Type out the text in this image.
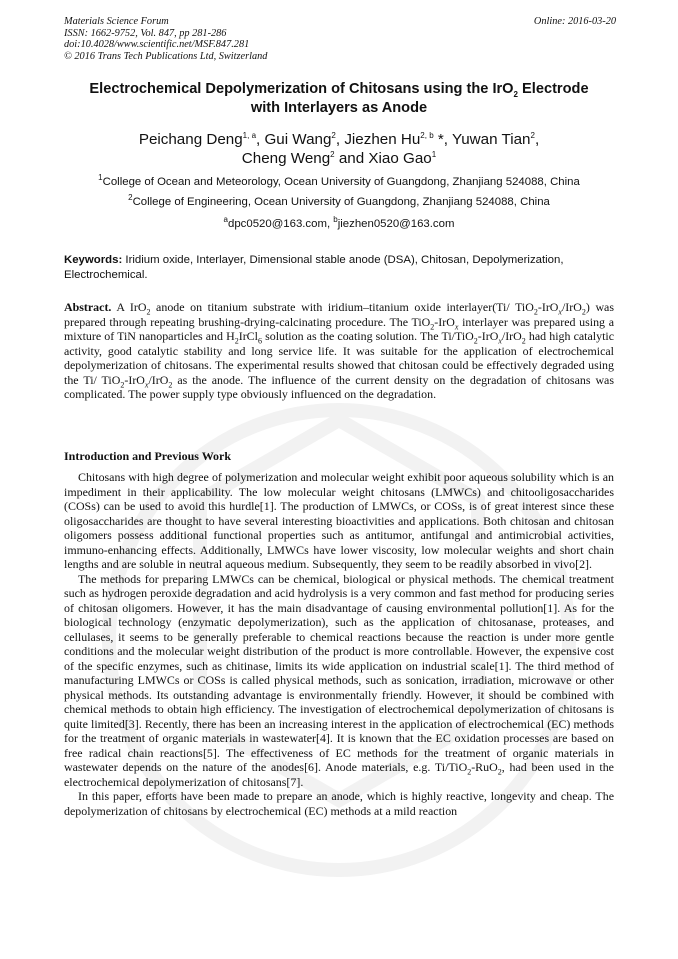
Materials Science Forum
ISSN: 1662-9752, Vol. 847, pp 281-286
doi:10.4028/www.scientific.net/MSF.847.281
© 2016 Trans Tech Publications Ltd, Switzerland
Online: 2016-03-20
Electrochemical Depolymerization of Chitosans using the IrO$_2$ Electrode
with Interlayers as Anode
Peichang Deng$^{1, a}$, Gui Wang$^2$, Jiezhen Hu$^{2, b}$ *, Yuwan Tian$^2$,
Cheng Weng$^2$ and Xiao Gao$^1$
$^1$College of Ocean and Meteorology, Ocean University of Guangdong, Zhanjiang 524088, China
$^2$College of Engineering, Ocean University of Guangdong, Zhanjiang 524088, China
$^a$dpc0520@163.com, $^b$jiezhen0520@163.com
Keywords: Iridium oxide, Interlayer, Dimensional stable anode (DSA), Chitosan, Depolymerization, Electrochemical.

Abstract. A IrO$_2$ anode on titanium substrate with iridium–titanium oxide interlayer(Ti/ TiO$_2$-IrO$_x$/IrO$_2$) was prepared through repeating brushing-drying-calcinating procedure. The TiO$_2$-IrO$_x$ interlayer was prepared using a mixture of TiN nanoparticles and $H_2IrCl_6$ solution as the coating solution. The Ti/TiO$_2$-IrO$_x$/IrO$_2$ had high catalytic activity, good catalytic stability and long service life. It was suitable for the application of electrochemical depolymerization of chitosans. The experimental results showed that chitosan could be effectively degraded using the Ti/ TiO$_2$-IrO$_x$/IrO$_2$ as the anode. The influence of the current density on the degradation of chitosans was complicated. The power supply type obviously influenced on the degradation.

Introduction and Previous Work

Chitosans with high degree of polymerization and molecular weight exhibit poor aqueous solubility which is an impediment in their applicability. The low molecular weight chitosans (LMWCs) and chitooligosaccharides (COSs) can be used to avoid this hurdle[1]. The production of LMWCs, or COSs, is of great interest since these oligosaccharides are thought to have several interesting bioactivities and applications. Both chitosan and chitosan oligomers possess additional functional properties such as antitumor, antifungal and antimicrobial activities, immuno-enhancing effects. Additionally, LMWCs have lower viscosity, low molecular weights and short chain lengths and are soluble in neutral aqueous medium. Subsequently, they seem to be readily absorbed in vivo[2].

The methods for preparing LMWCs can be chemical, biological or physical methods. The chemical treatment such as hydrogen peroxide degradation and acid hydrolysis is a very common and fast method for producing series of chitosan oligomers. However, it has the main disadvantage of causing environmental pollution[1]. As for the biological technology (enzymatic depolymerization), such as the application of chitosanase, proteases, and cellulases, it seems to be generally preferable to chemical reactions because the reaction is under more gentle conditions and the molecular weight distribution of the product is more controllable. However, the expensive cost of the specific enzymes, such as chitinase, limits its wide application on industrial scale[1]. The third method of manufacturing LMWCs or COSs is called physical methods, such as sonication, irradiation, microwave or other physical methods. Its outstanding advantage is environmentally friendly. However, it should be combined with chemical methods to obtain high efficiency. The investigation of electrochemical depolymerization of chitosans is quite limited[3]. Recently, there has been an increasing interest in the application of electrochemical (EC) methods for the treatment of organic materials in wastewater[4]. It is known that the EC oxidation processes are based on free radical chain reactions[5]. The effectiveness of EC methods for the treatment of organic materials in wastewater depends on the nature of the anodes[6]. Anode materials, e.g. Ti/TiO$_2$-RuO$_2$, had been used in the electrochemical depolymerization of chitosans[7].

In this paper, efforts have been made to prepare an anode, which is highly reactive, longevity and cheap. The depolymerization of chitosans by electrochemical (EC) methods at a mild reaction
